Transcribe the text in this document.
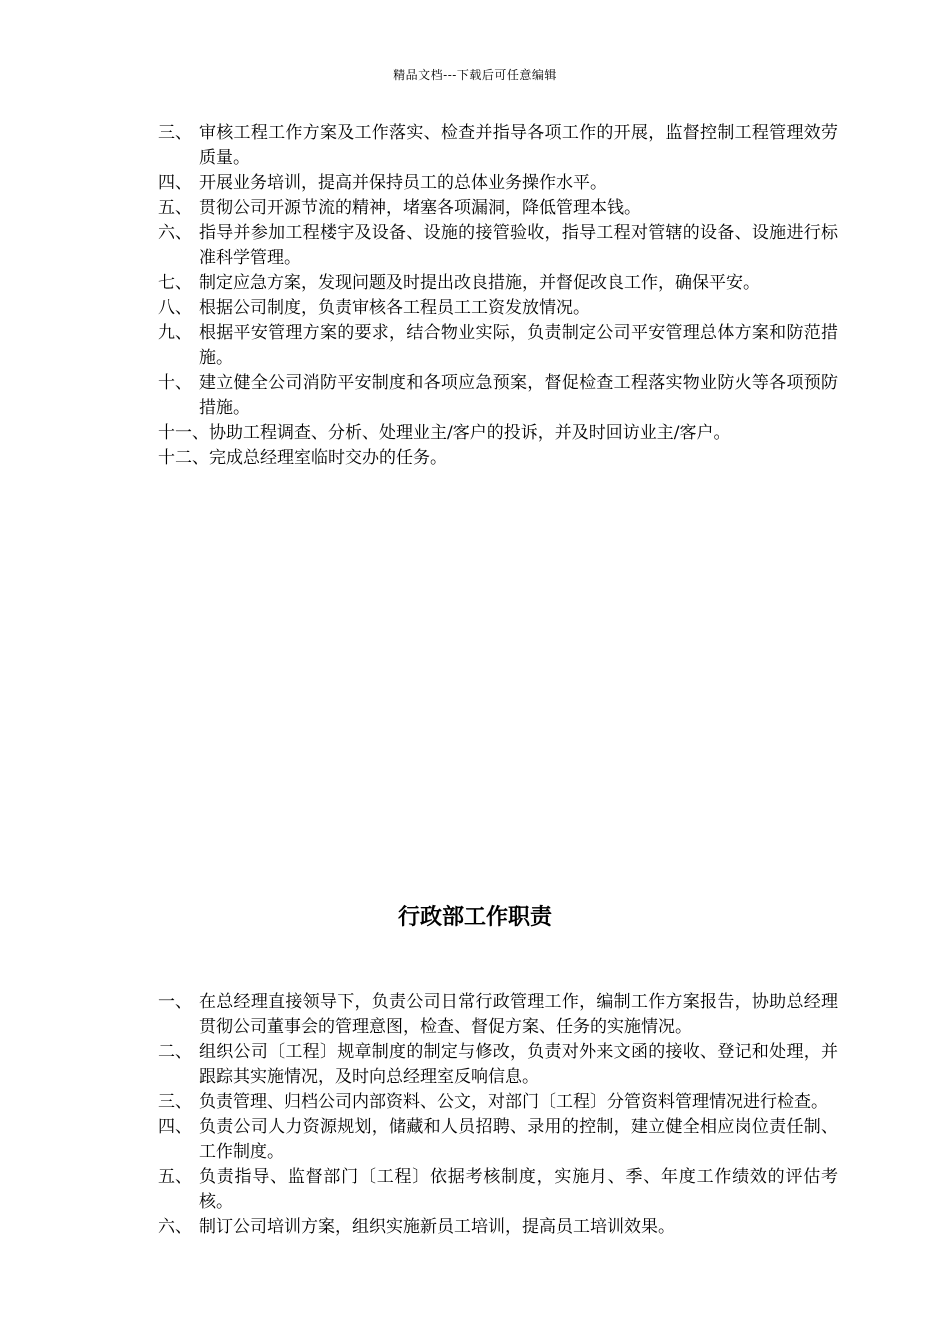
精品文档---下载后可任意编辑
三、 审核工程工作方案及工作落实、检查并指导各项工作的开展，监督控制工程管理效劳质量。
四、 开展业务培训，提高并保持员工的总体业务操作水平。
五、 贯彻公司开源节流的精神，堵塞各项漏洞，降低管理本钱。
六、 指导并参加工程楼宇及设备、设施的接管验收，指导工程对管辖的设备、设施进行标准科学管理。
七、 制定应急方案，发现问题及时提出改良措施，并督促改良工作，确保平安。
八、 根据公司制度，负责审核各工程员工工资发放情况。
九、 根据平安管理方案的要求，结合物业实际，负责制定公司平安管理总体方案和防范措施。
十、 建立健全公司消防平安制度和各项应急预案，督促检查工程落实物业防火等各项预防措施。
十一、 协助工程调查、分析、处理业主/客户的投诉，并及时回访业主/客户。
十二、 完成总经理室临时交办的任务。
行政部工作职责
一、 在总经理直接领导下，负责公司日常行政管理工作，编制工作方案报告，协助总经理贯彻公司董事会的管理意图，检查、督促方案、任务的实施情况。
二、 组织公司〔工程〕规章制度的制定与修改，负责对外来文函的接收、登记和处理，并跟踪其实施情况，及时向总经理室反响信息。
三、 负责管理、归档公司内部资料、公文，对部门〔工程〕分管资料管理情况进行检查。
四、 负责公司人力资源规划，储藏和人员招聘、录用的控制，建立健全相应岗位责任制、工作制度。
五、 负责指导、监督部门〔工程〕依据考核制度，实施月、季、年度工作绩效的评估考核。
六、 制订公司培训方案，组织实施新员工培训，提高员工培训效果。
